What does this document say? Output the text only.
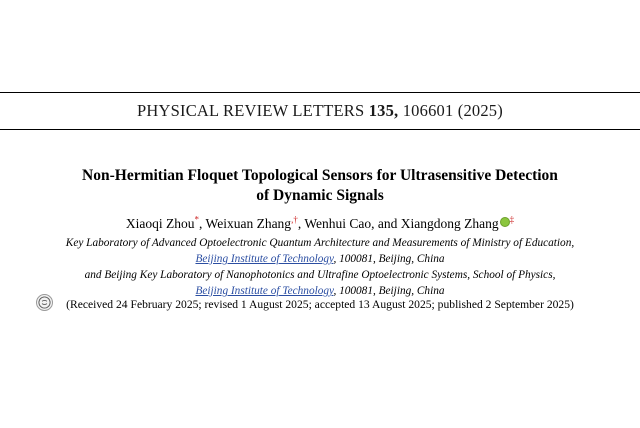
PHYSICAL REVIEW LETTERS 135, 106601 (2025)
Non-Hermitian Floquet Topological Sensors for Ultrasensitive Detection
of Dynamic Signals
Xiaoqi Zhou*, Weixuan Zhang,†, Wenhui Cao, and Xiangdong Zhang ‡
Key Laboratory of Advanced Optoelectronic Quantum Architecture and Measurements of Ministry of Education,
Beijing Institute of Technology, 100081, Beijing, China
and Beijing Key Laboratory of Nanophotonics and Ultrafine Optoelectronic Systems, School of Physics,
Beijing Institute of Technology, 100081, Beijing, China
(Received 24 February 2025; revised 1 August 2025; accepted 13 August 2025; published 2 September 2025)
